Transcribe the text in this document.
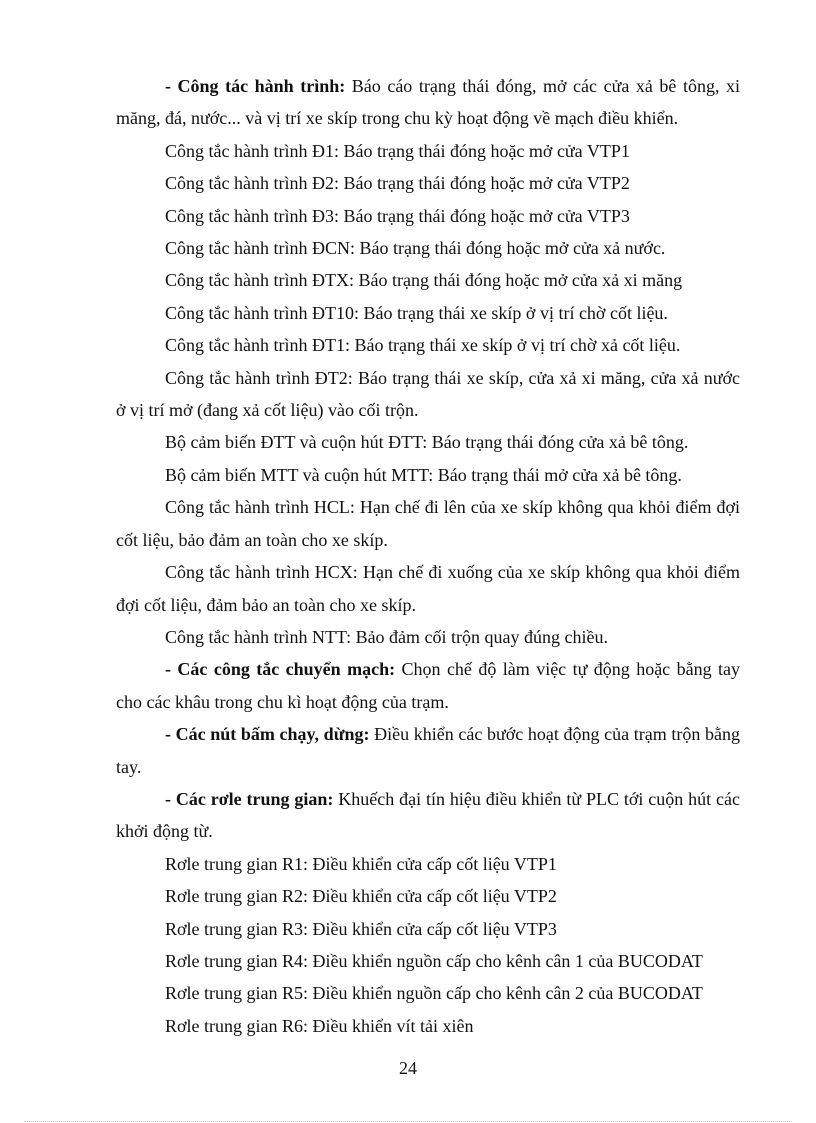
- Công tác hành trình: Báo cáo trạng thái đóng, mở các cửa xả bê tông, xi măng, đá, nước... và vị trí xe skíp trong chu kỳ hoạt động về mạch điều khiển.

Công tắc hành trình Đ1: Báo trạng thái đóng hoặc mở cửa VTP1

Công tắc hành trình Đ2: Báo trạng thái đóng hoặc mở cửa VTP2

Công tắc hành trình Đ3: Báo trạng thái đóng hoặc mở cửa VTP3

Công tắc hành trình ĐCN: Báo trạng thái đóng hoặc mở cửa xả nước.

Công tắc hành trình ĐTX: Báo trạng thái đóng hoặc mở cửa xả xi măng

Công tắc hành trình ĐT10: Báo trạng thái xe skíp ở vị trí chờ cốt liệu.

Công tắc hành trình ĐT1: Báo trạng thái xe skíp ở vị trí chờ xả cốt liệu.

Công tắc hành trình ĐT2: Báo trạng thái xe skíp, cửa xả xi măng, cửa xả nước ở vị trí mở (đang xả cốt liệu) vào cối trộn.

Bộ cảm biến ĐTT và cuộn hút ĐTT: Báo trạng thái đóng cửa xả bê tông.

Bộ cảm biến MTT và cuộn hút MTT: Báo trạng thái mở cửa xả bê tông.

Công tắc hành trình HCL: Hạn chế đi lên của xe skíp không qua khỏi điểm đợi cốt liệu, bảo đảm an toàn cho xe skíp.

Công tắc hành trình HCX: Hạn chế đi xuống của xe skíp không qua khỏi điểm đợi cốt liệu, đảm bảo an toàn cho xe skíp.

Công tắc hành trình NTT: Bảo đảm cối trộn quay đúng chiều.

- Các công tắc chuyển mạch: Chọn chế độ làm việc tự động hoặc bằng tay cho các khâu trong chu kì hoạt động của trạm.

- Các nút bấm chạy, dừng: Điều khiển các bước hoạt động của trạm trộn bằng tay.

- Các rơle trung gian: Khuếch đại tín hiệu điều khiển từ PLC tới cuộn hút các khởi động từ.

Rơle trung gian R1: Điều khiển cửa cấp cốt liệu VTP1

Rơle trung gian R2: Điều khiển cửa cấp cốt liệu VTP2

Rơle trung gian R3: Điều khiển cửa cấp cốt liệu VTP3

Rơle trung gian R4: Điều khiển nguồn cấp cho kênh cân 1 của BUCODAT

Rơle trung gian R5: Điều khiển nguồn cấp cho kênh cân 2 của BUCODAT

Rơle trung gian R6: Điều khiển vít tải xiên

24
